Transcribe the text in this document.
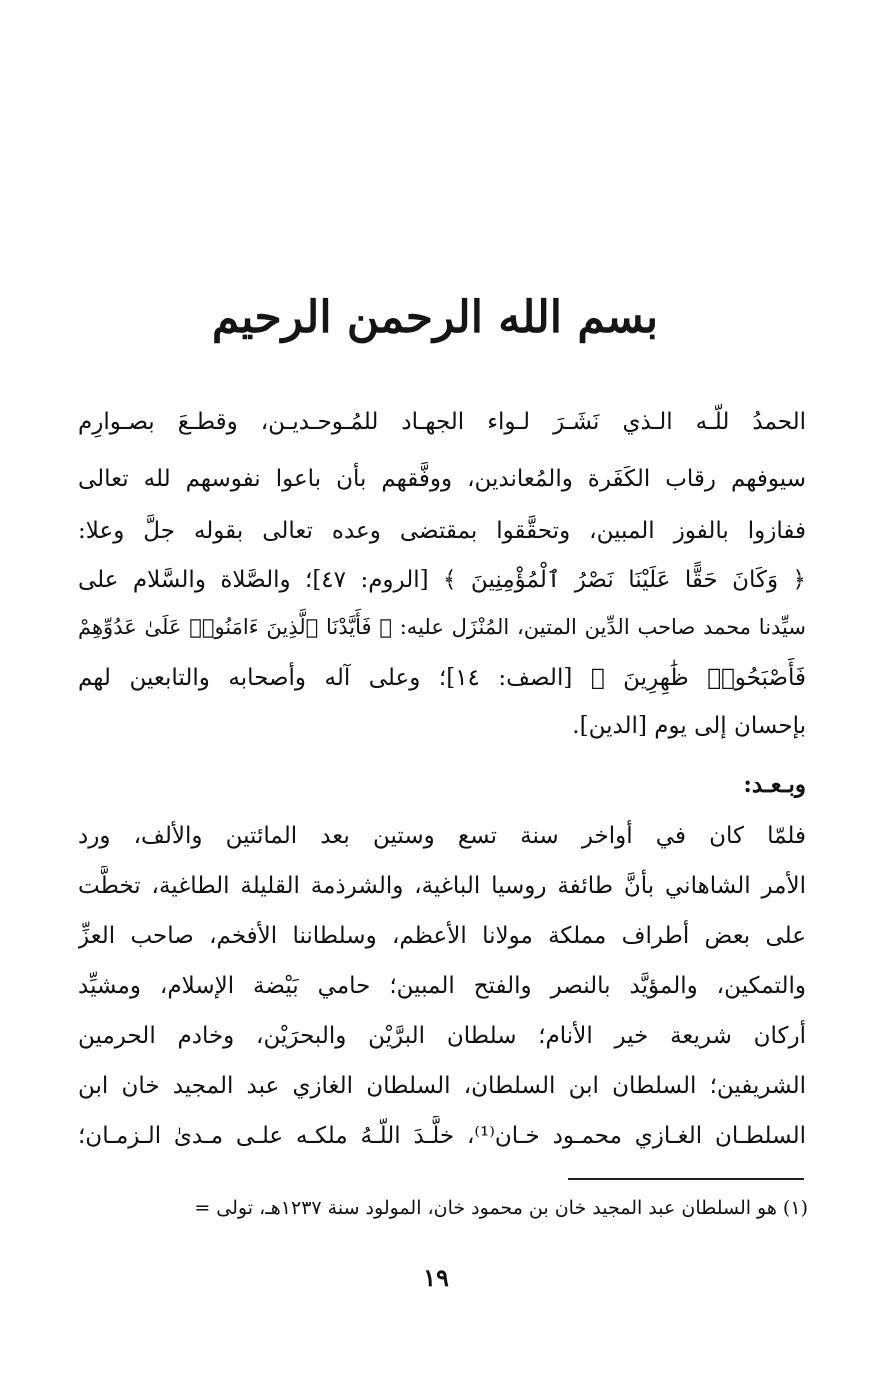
بسم الله الرحمن الرحيم
الحمدُ للّـه الـذي نَشَـرَ لـواء الجهـاد للمُـوحـديـن، وقطـعَ بصـوارِم
سيوفهم رقاب الكَفَرة والمُعاندين، ووفَّقهم بأن باعوا نفوسهم لله تعالى
ففازوا بالفوز المبين، وتحقَّقوا بمقتضى وعده تعالى بقوله جلَّ وعلا:
﴿ وَكَانَ حَقًّا عَلَيْنَا نَصْرُ ٱلْمُؤْمِنِينَ ﴾ [الروم: ٤٧]؛ والصَّلاة والسَّلام على
سيِّدنا محمد صاحب الدِّين المتين، المُنْزَل عليه: ﴿ فَأَيَّدْنَا ٱلَّذِينَ ءَامَنُوا۟ عَلَىٰ عَدُوِّهِمْ
فَأَصْبَحُوا۟ ظَٰهِرِينَ ﴾ [الصف: ١٤]؛ وعلى آله وأصحابه والتابعين لهم
بإحسان إلى يوم [الدين].
وبـعـد:
فلمّا كان في أواخر سنة تسع وستين بعد المائتين والألف، ورد
الأمر الشاهاني بأنَّ طائفة روسيا الباغية، والشرذمة القليلة الطاغية، تخطَّت
على بعض أطراف مملكة مولانا الأعظم، وسلطاننا الأفخم، صاحب العزِّ
والتمكين، والمؤيَّد بالنصر والفتح المبين؛ حامي بَيْضة الإسلام، ومشيِّد
أركان شريعة خير الأنام؛ سلطان البرَّيْن والبحرَيْن، وخادم الحرمين
الشريفين؛ السلطان ابن السلطان، السلطان الغازي عبد المجيد خان ابن
السلطـان الغـازي محمـود خـان⁽¹⁾، خلَّـدَ اللّـهُ ملكـه علـى مـدىٰ الـزمـان؛
(١) هو السلطان عبد المجيد خان بن محمود خان، المولود سنة ١٢٣٧هـ، تولى =
١٩
